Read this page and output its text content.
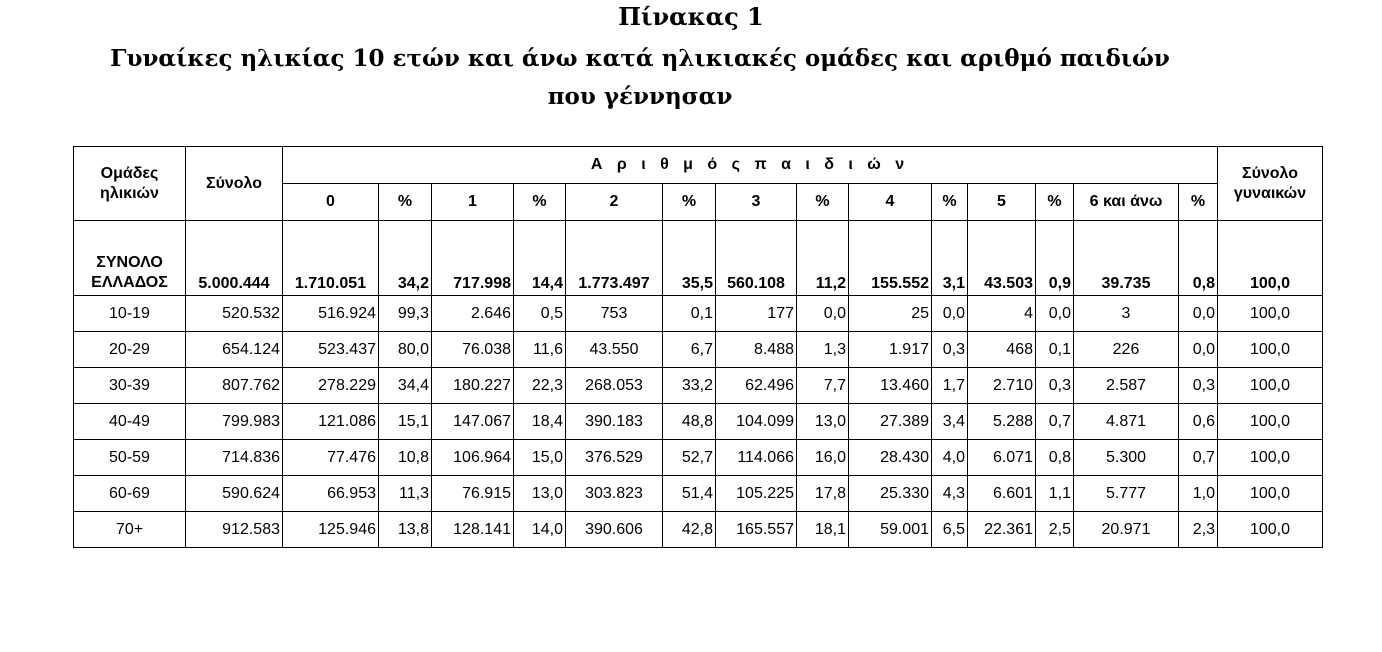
Πίνακας 1
Γυναίκες ηλικίας 10 ετών και άνω κατά ηλικιακές ομάδες και αριθμό παιδιών που γέννησαν
Ομάδες ηλικιών	Σύνολο	Α ρ ι θ μ ό ς π α ι δ ι ώ ν														Σύνολο γυναικών
		0	%	1	%	2	%	3	%	4	%	5	%	6 και άνω	%	
ΣΥΝΟΛΟ ΕΛΛΑΔΟΣ	5.000.444	1.710.051	34,2	717.998	14,4	1.773.497	35,5	560.108	11,2	155.552	3,1	43.503	0,9	39.735	0,8	100,0
10-19	520.532	516.924	99,3	2.646	0,5	753	0,1	177	0,0	25	0,0	4	0,0	3	0,0	100,0
20-29	654.124	523.437	80,0	76.038	11,6	43.550	6,7	8.488	1,3	1.917	0,3	468	0,1	226	0,0	100,0
30-39	807.762	278.229	34,4	180.227	22,3	268.053	33,2	62.496	7,7	13.460	1,7	2.710	0,3	2.587	0,3	100,0
40-49	799.983	121.086	15,1	147.067	18,4	390.183	48,8	104.099	13,0	27.389	3,4	5.288	0,7	4.871	0,6	100,0
50-59	714.836	77.476	10,8	106.964	15,0	376.529	52,7	114.066	16,0	28.430	4,0	6.071	0,8	5.300	0,7	100,0
60-69	590.624	66.953	11,3	76.915	13,0	303.823	51,4	105.225	17,8	25.330	4,3	6.601	1,1	5.777	1,0	100,0
70+	912.583	125.946	13,8	128.141	14,0	390.606	42,8	165.557	18,1	59.001	6,5	22.361	2,5	20.971	2,3	100,0
